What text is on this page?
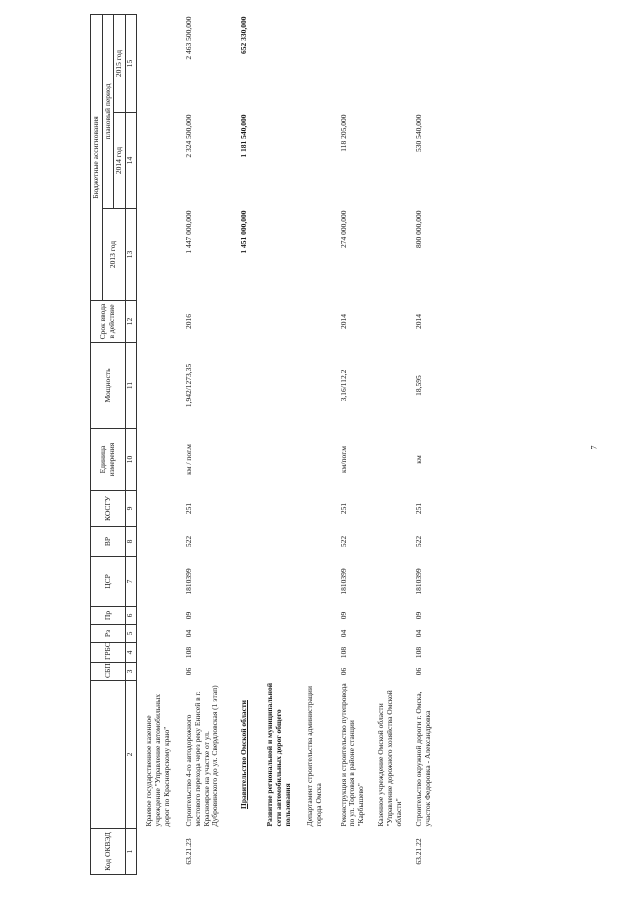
Код ОКВЭД		СБП	ГРБС	Рз	Пр	ЦСР	ВР	КОСГУ	Единица измерения	Мощность	Срок ввода в действие	Бюджетные ассигнования		
												2013 год	плановый период	
													2014 год	2015 год
1	2	3	4	5	6	7	8	9	10	11	12	13	14	15

	Краевое государственное казенное учреждение "Управление автомобильных дорог по Красноярскому краю"													

63.21.23	Строительство 4-го автодорожного мостового перехода через реку Енисей в г. Красноярске на участке от ул. Дубровинского до ул. Свердловская (1 этап)	06	108	04	09	1810399	522	251	км / пог.м	1,942/1273,35	2016	1 447 000,000	2 324 500,000	2 463 500,000

	Правительство Омской области											1 451 000,000	1 181 540,000	652 330,000

	Развитие региональной и муниципальной сети автомобильных дорог общего пользования													

	Департамент строительства администрации города Омска													

	Реконструкция и строительство путепровода по ул. Торговая в районе станции "Карбышево"	06	108	04	09	1810399	522	251	км/пог.м	3,16/112,2	2014	274 000,000	118 205,000	

	Казенное учреждение Омской области "Управление дорожного хозяйства Омской области"													

63.21.22	Строительство окружной дороги г. Омска, участок Федоровка - Александровка	06	108	04	09	1810399	522	251	км	18,595	2014	800 000,000	530 540,000	
7
